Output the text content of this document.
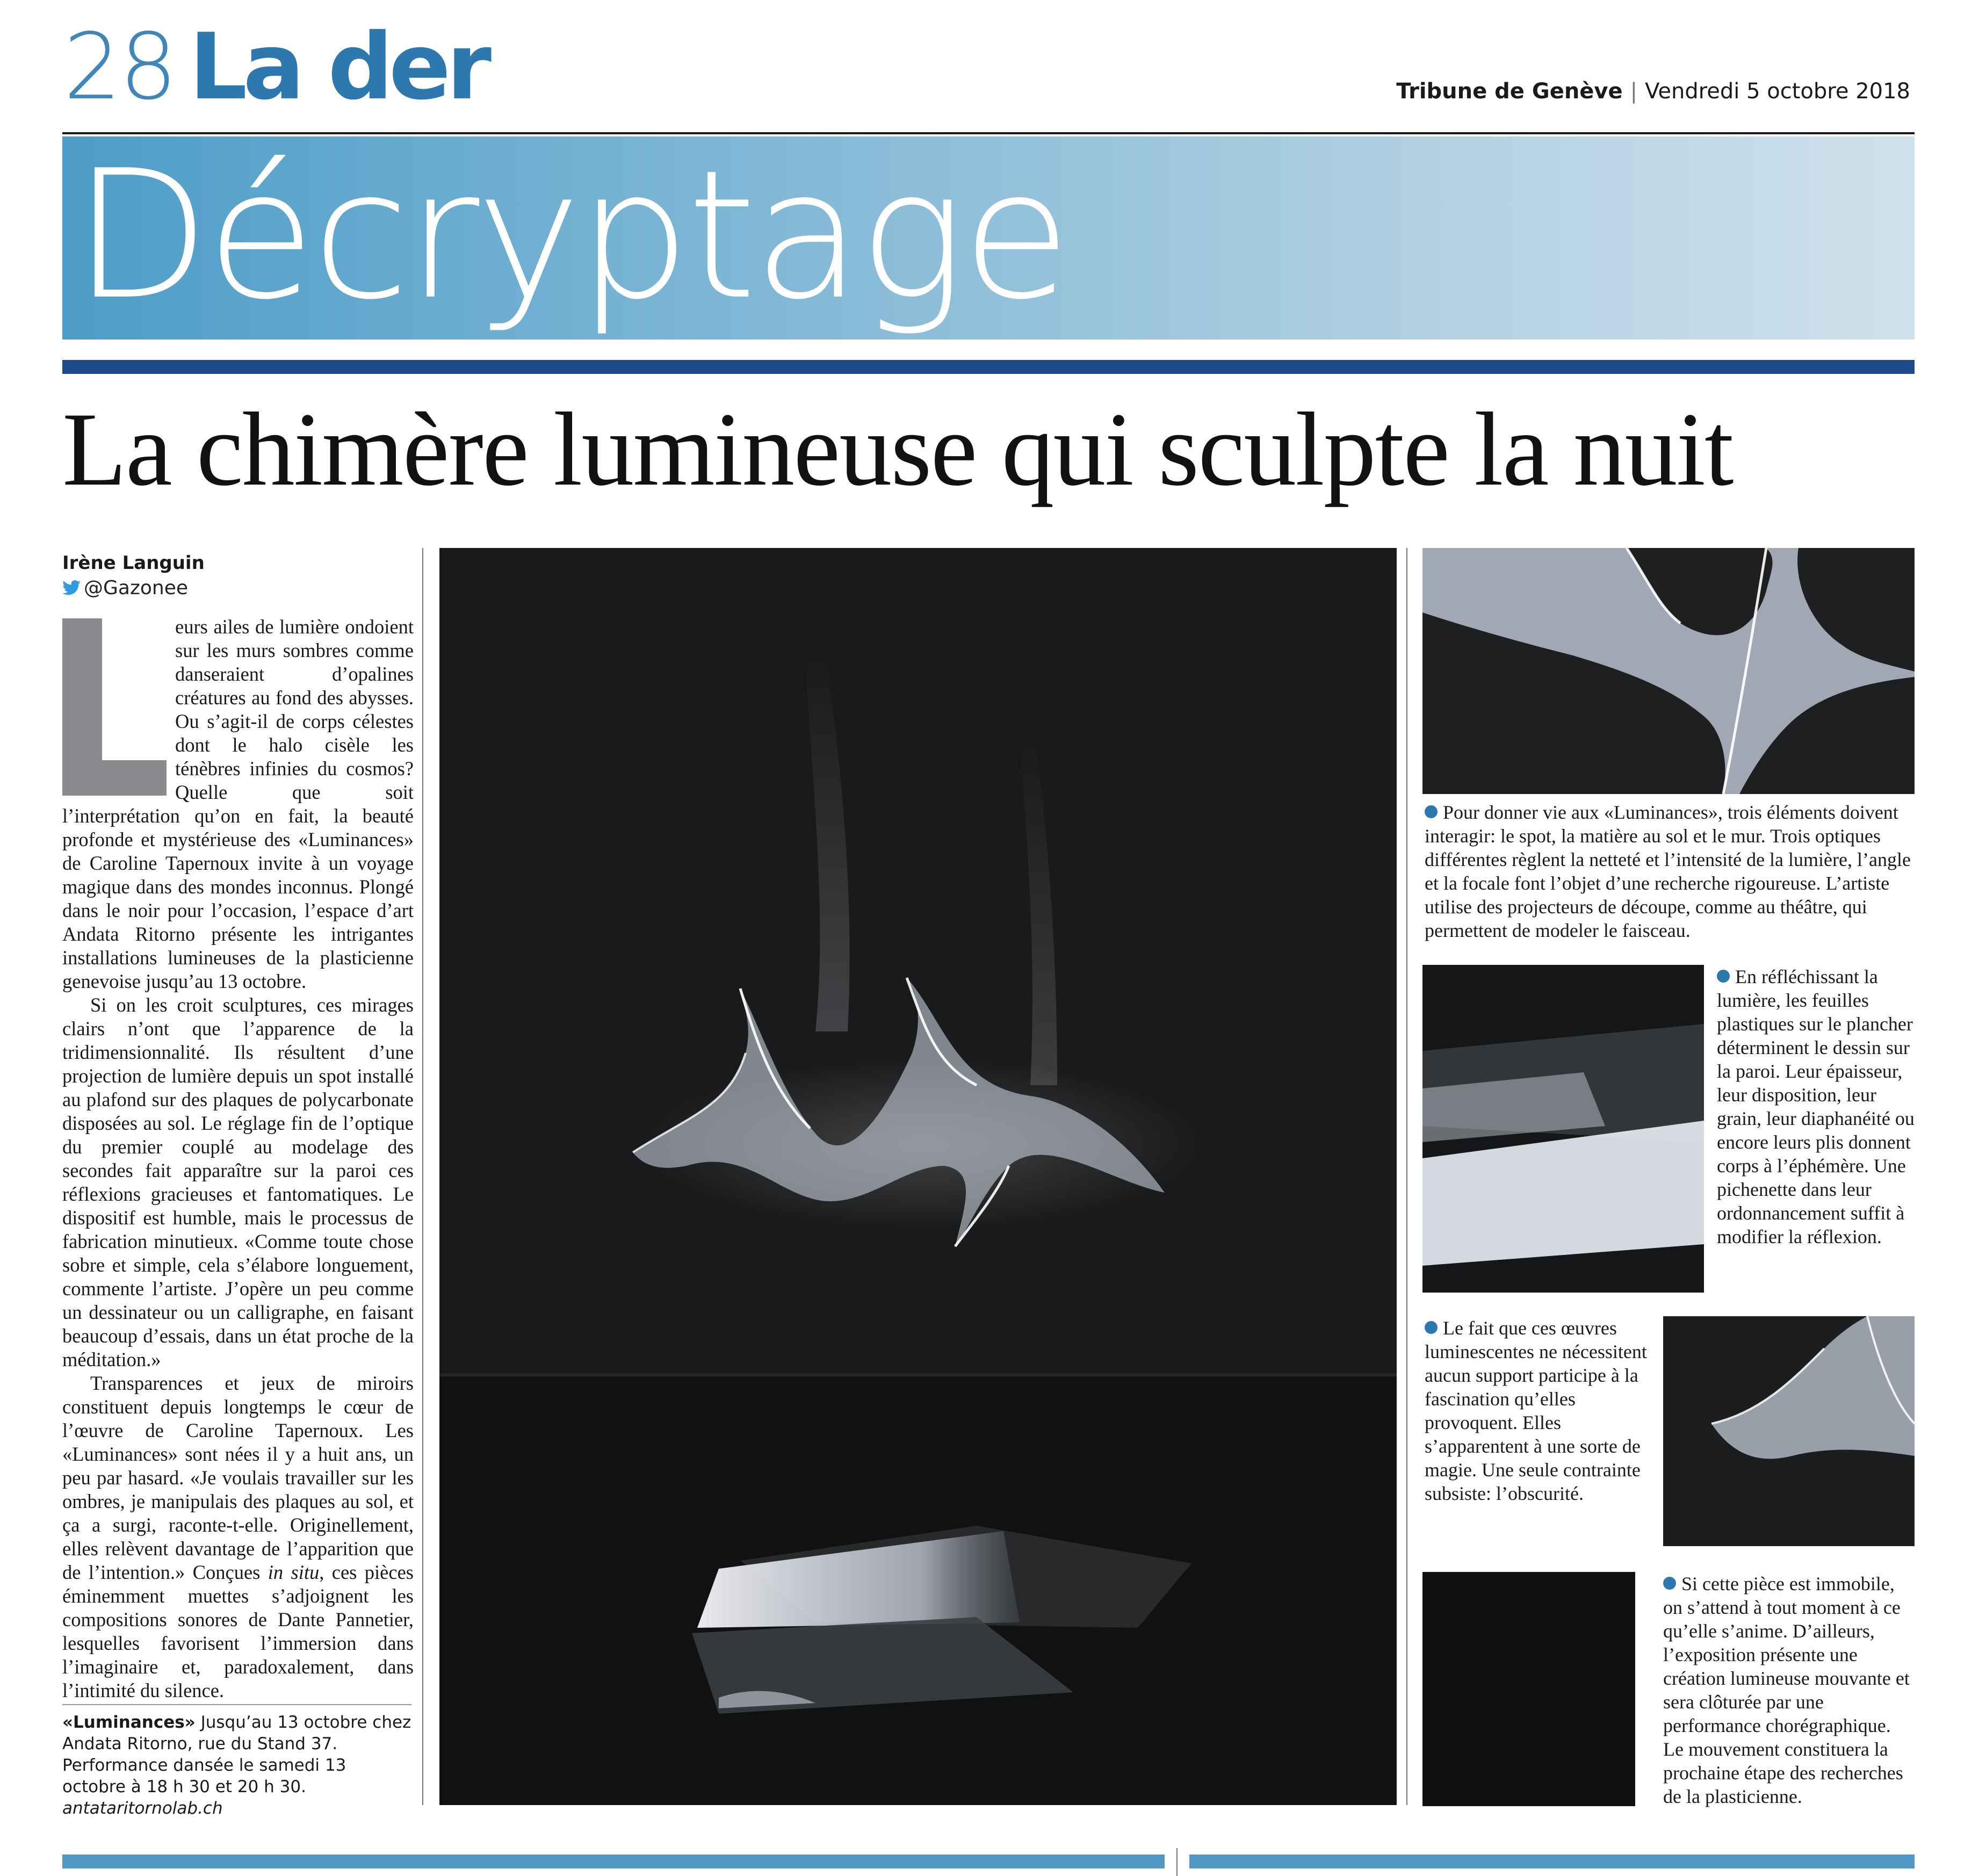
28 La der	Tribune de Genève | Vendredi 5 octobre 2018
Décryptage
La chimère lumineuse qui sculpte la nuit
Irène Languin
@Gazonee

eurs ailes de lumière ondoient sur les murs sombres comme danseraient d’opalines créatures au fond des abysses. Ou s’agit-il de corps célestes dont le halo cisèle les ténèbres infinies du cosmos? Quelle que soit l’interprétation qu’on en fait, la beauté profonde et mystérieuse des «Luminances» de Caroline Tapernoux invite à un voyage magique dans des mondes inconnus. Plongé dans le noir pour l’occasion, l’espace d’art Andata Ritorno présente les intrigantes installations lumineuses de la plasticienne genevoise jusqu’au 13 octobre.

Si on les croit sculptures, ces mirages clairs n’ont que l’apparence de la tridimensionnalité. Ils résultent d’une projection de lumière depuis un spot installé au plafond sur des plaques de polycarbonate disposées au sol. Le réglage fin de l’optique du premier couplé au modelage des secondes fait apparaître sur la paroi ces réflexions gracieuses et fantomatiques. Le dispositif est humble, mais le processus de fabrication minutieux. «Comme toute chose sobre et simple, cela s’élabore longuement, commente l’artiste. J’opère un peu comme un dessinateur ou un calligraphe, en faisant beaucoup d’essais, dans un état proche de la méditation.»

Transparences et jeux de miroirs constituent depuis longtemps le cœur de l’œuvre de Caroline Tapernoux. Les «Luminances» sont nées il y a huit ans, un peu par hasard. «Je voulais travailler sur les ombres, je manipulais des plaques au sol, et ça a surgi, raconte-t-elle. Originellement, elles relèvent davantage de l’apparition que de l’intention.» Conçues in situ, ces pièces éminemment muettes s’adjoignent les compositions sonores de Dante Pannetier, lesquelles favorisent l’immersion dans l’imaginaire et, paradoxalement, dans l’intimité du silence.

«Luminances» Jusqu’au 13 octobre chez Andata Ritorno, rue du Stand 37. Performance dansée le samedi 13 octobre à 18 h 30 et 20 h 30. antataritornolab.ch
Pour donner vie aux «Luminances», trois éléments doivent interagir: le spot, la matière au sol et le mur. Trois optiques différentes règlent la netteté et l’intensité de la lumière, l’angle et la focale font l’objet d’une recherche rigoureuse. L’artiste utilise des projecteurs de découpe, comme au théâtre, qui permettent de modeler le faisceau.
En réfléchissant la lumière, les feuilles plastiques sur le plancher déterminent le dessin sur la paroi. Leur épaisseur, leur disposition, leur grain, leur diaphanéité ou encore leurs plis donnent corps à l’éphémère. Une pichenette dans leur ordonnancement suffit à modifier la réflexion.
Le fait que ces œuvres luminescentes ne nécessitent aucun support participe à la fascination qu’elles provoquent. Elles s’apparentent à une sorte de magie. Une seule contrainte subsiste: l’obscurité.
Si cette pièce est immobile, on s’attend à tout moment à ce qu’elle s’anime. D’ailleurs, l’exposition présente une création lumineuse mouvante et sera clôturée par une performance chorégraphique. Le mouvement constituera la prochaine étape des recherches de la plasticienne.
